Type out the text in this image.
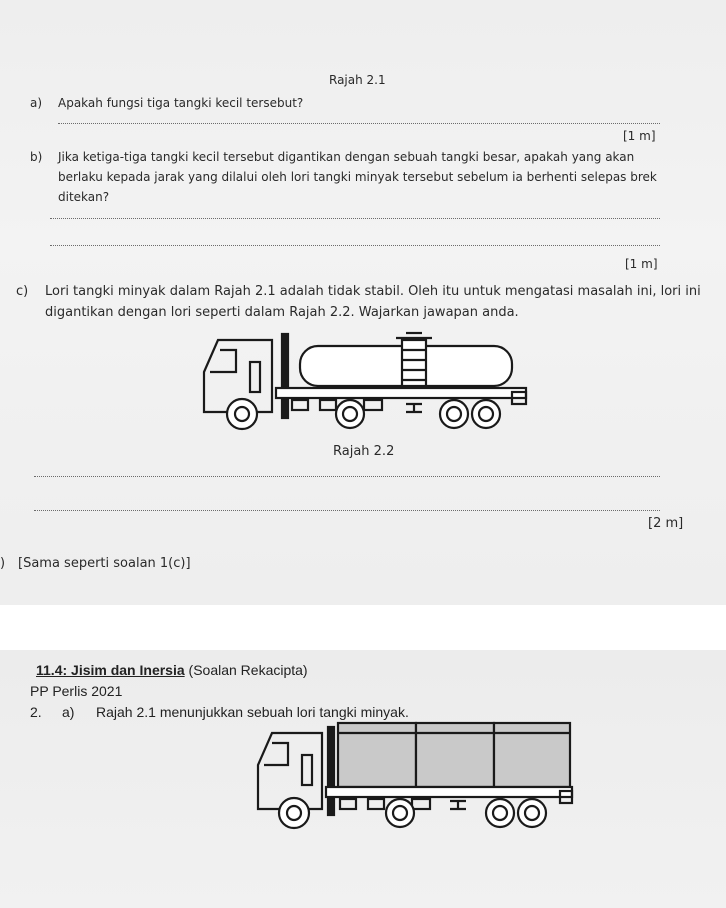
Rajah 2.1
a) Apakah fungsi tiga tangki kecil tersebut?
[1 m]
b) Jika ketiga-tiga tangki kecil tersebut digantikan dengan sebuah tangki besar, apakah yang akan
berlaku kepada jarak yang dilalui oleh lori tangki minyak tersebut sebelum ia berhenti selepas brek
ditekan?
[1 m]
c) Lori tangki minyak dalam Rajah 2.1 adalah tidak stabil. Oleh itu untuk mengatasi masalah ini, lori ini
digantikan dengan lori seperti dalam Rajah 2.2. Wajarkan jawapan anda.
Rajah 2.2
[2 m]
) [Sama seperti soalan 1(c)]
11.4: Jisim dan Inersia (Soalan Rekacipta)
PP Perlis 2021
2. a) Rajah 2.1 menunjukkan sebuah lori tangki minyak.
